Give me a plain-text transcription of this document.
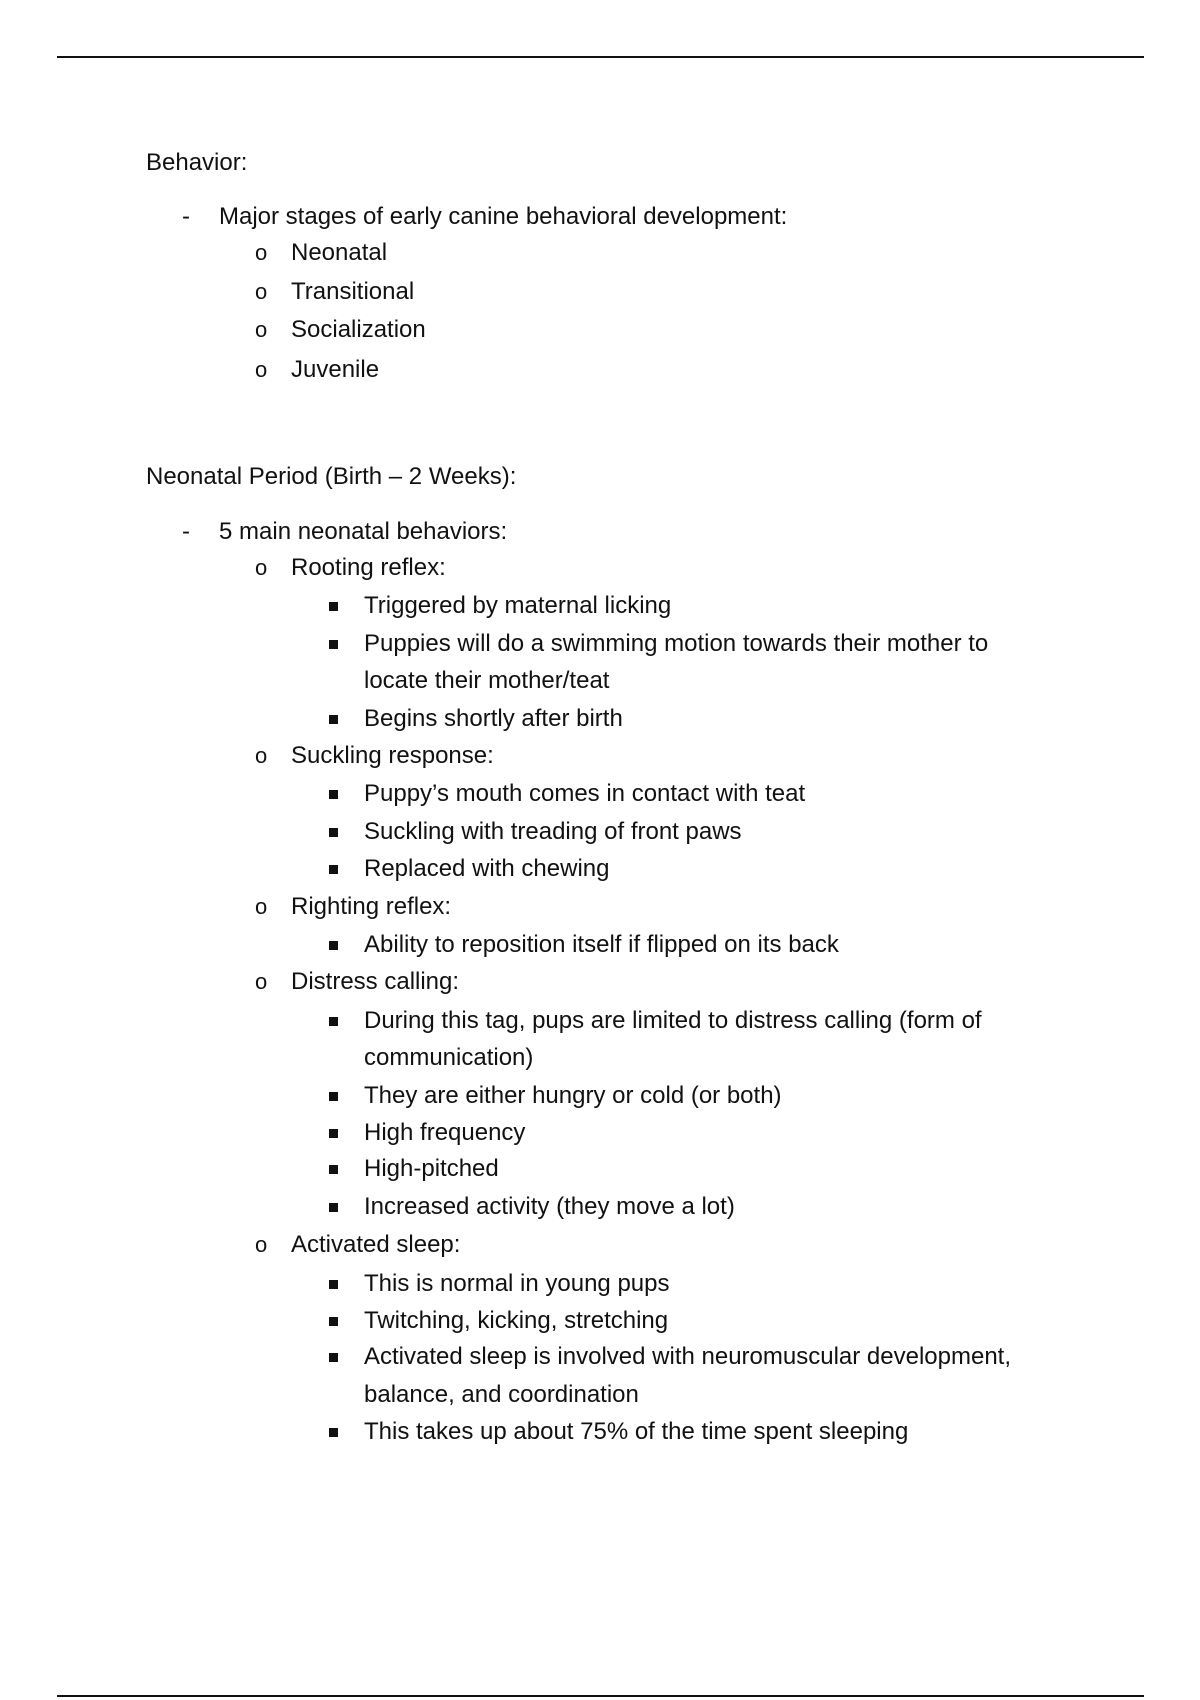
Behavior:
- Major stages of early canine behavioral development:
o Neonatal
o Transitional
o Socialization
o Juvenile
Neonatal Period (Birth – 2 Weeks):
- 5 main neonatal behaviors:
o Rooting reflex:
Triggered by maternal licking
Puppies will do a swimming motion towards their mother to
locate their mother/teat
Begins shortly after birth
o Suckling response:
Puppy’s mouth comes in contact with teat
Suckling with treading of front paws
Replaced with chewing
o Righting reflex:
Ability to reposition itself if flipped on its back
o Distress calling:
During this tag, pups are limited to distress calling (form of
communication)
They are either hungry or cold (or both)
High frequency
High-pitched
Increased activity (they move a lot)
o Activated sleep:
This is normal in young pups
Twitching, kicking, stretching
Activated sleep is involved with neuromuscular development,
balance, and coordination
This takes up about 75% of the time spent sleeping
